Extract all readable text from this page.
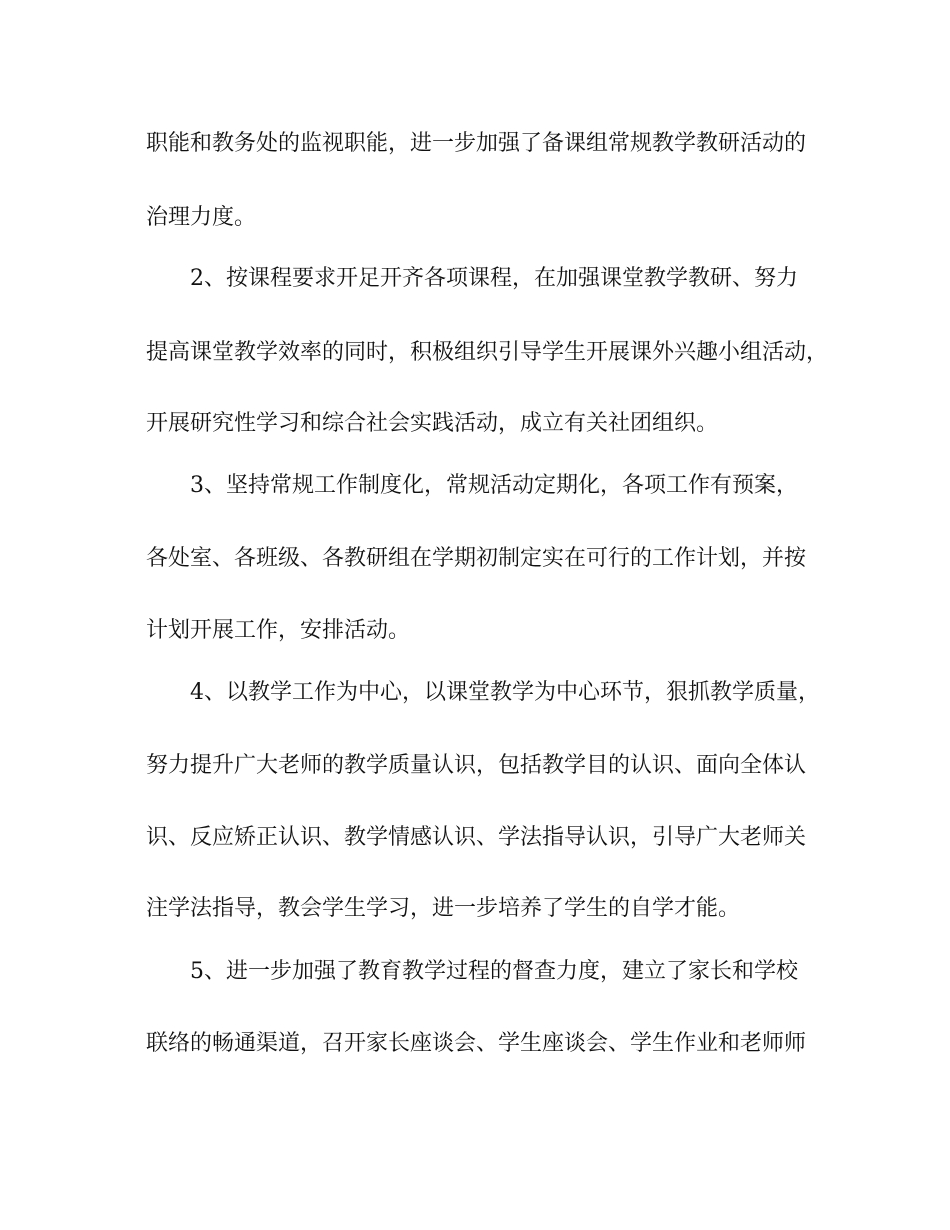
职能和教务处的监视职能，进一步加强了备课组常规教学教研活动的

治理力度。

2、按课程要求开足开齐各项课程，在加强课堂教学教研、努力

提高课堂教学效率的同时，积极组织引导学生开展课外兴趣小组活动，

开展研究性学习和综合社会实践活动，成立有关社团组织。

3、坚持常规工作制度化，常规活动定期化，各项工作有预案，

各处室、各班级、各教研组在学期初制定实在可行的工作计划，并按

计划开展工作，安排活动。

4、以教学工作为中心，以课堂教学为中心环节，狠抓教学质量，

努力提升广大老师的教学质量认识，包括教学目的认识、面向全体认

识、反应矫正认识、教学情感认识、学法指导认识，引导广大老师关

注学法指导，教会学生学习，进一步培养了学生的自学才能。

5、进一步加强了教育教学过程的督查力度，建立了家长和学校

联络的畅通渠道，召开家长座谈会、学生座谈会、学生作业和老师师
